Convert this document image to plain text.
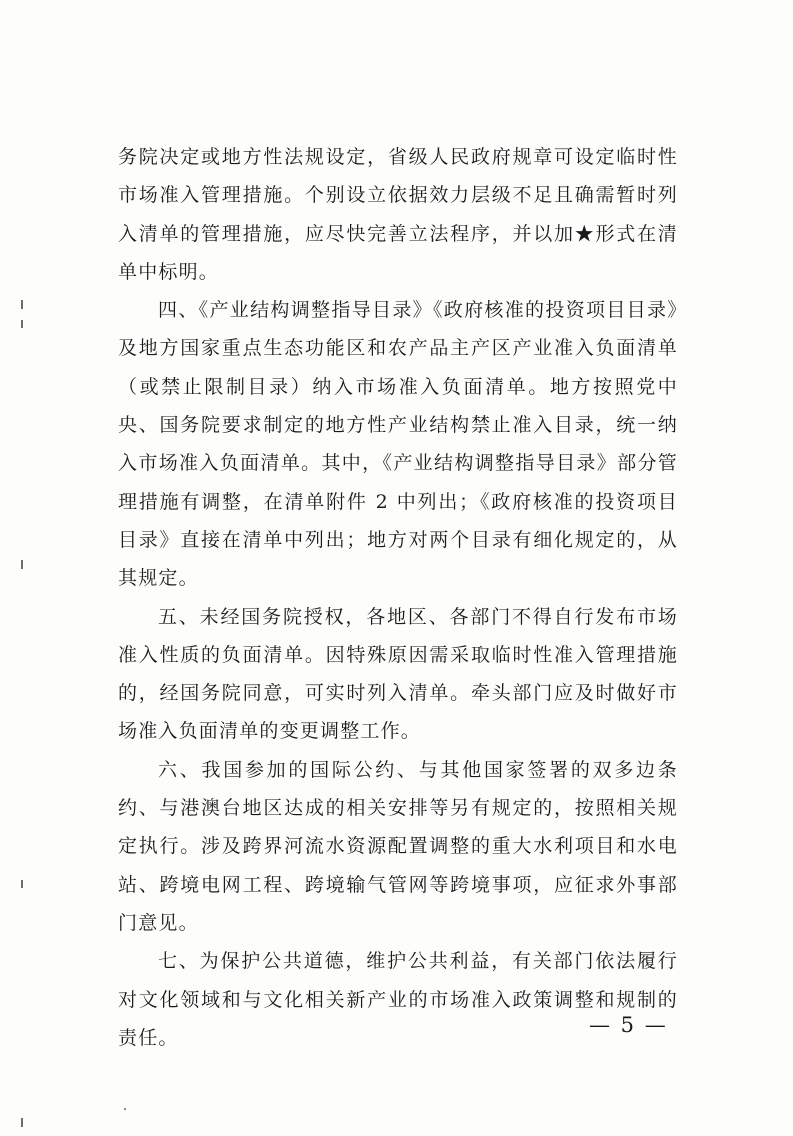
务院决定或地方性法规设定，省级人民政府规章可设定临时性市场准入管理措施。个别设立依据效力层级不足且确需暂时列入清单的管理措施，应尽快完善立法程序，并以加★形式在清单中标明。

四、《产业结构调整指导目录》《政府核准的投资项目目录》及地方国家重点生态功能区和农产品主产区产业准入负面清单（或禁止限制目录）纳入市场准入负面清单。地方按照党中央、国务院要求制定的地方性产业结构禁止准入目录，统一纳入市场准入负面清单。其中，《产业结构调整指导目录》部分管理措施有调整，在清单附件 2 中列出；《政府核准的投资项目目录》直接在清单中列出；地方对两个目录有细化规定的，从其规定。

五、未经国务院授权，各地区、各部门不得自行发布市场准入性质的负面清单。因特殊原因需采取临时性准入管理措施的，经国务院同意，可实时列入清单。牵头部门应及时做好市场准入负面清单的变更调整工作。

六、我国参加的国际公约、与其他国家签署的双多边条约、与港澳台地区达成的相关安排等另有规定的，按照相关规定执行。涉及跨界河流水资源配置调整的重大水利项目和水电站、跨境电网工程、跨境输气管网等跨境事项，应征求外事部门意见。

七、为保护公共道德，维护公共利益，有关部门依法履行对文化领域和与文化相关新产业的市场准入政策调整和规制的责任。

— 5 —
